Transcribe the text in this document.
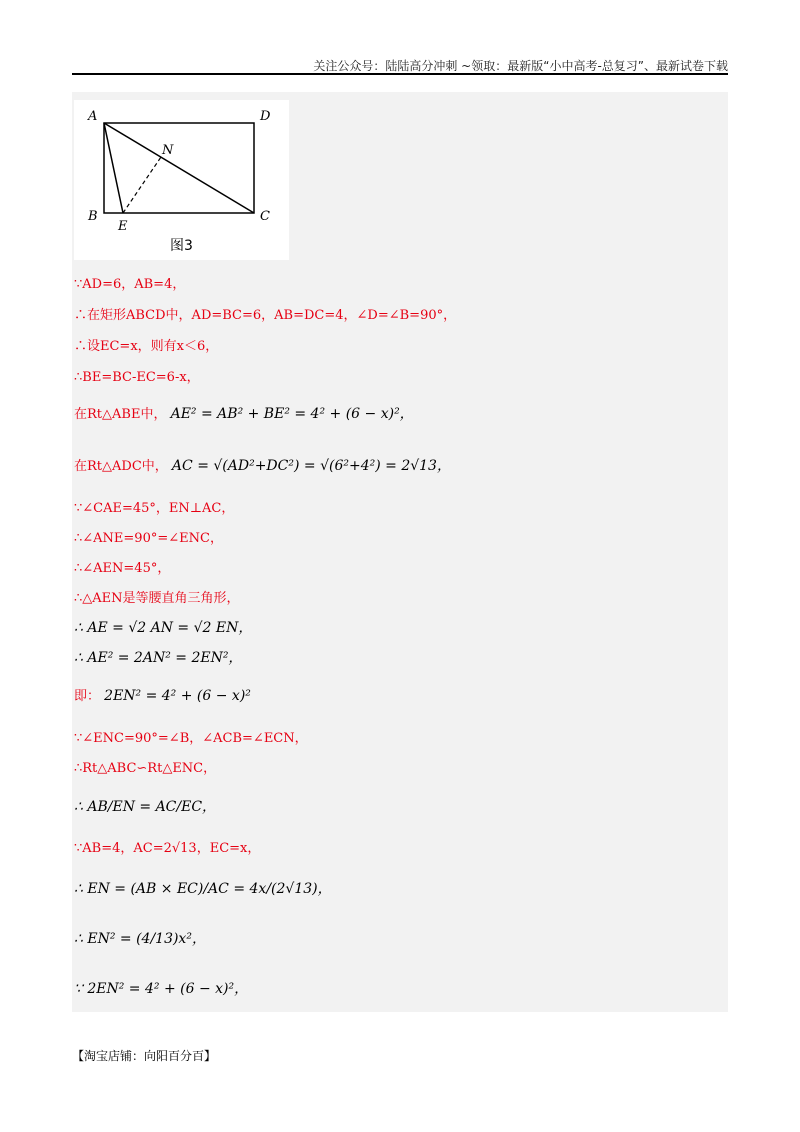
关注公众号：陆陆高分冲刺 ~领取：最新版“小中高考-总复习”、最新试卷下载
A	D
B	C
E
N
图3
∵AD=6，AB=4，
∴在矩形ABCD中，AD=BC=6，AB=DC=4，∠D=∠B=90°，
∴设EC=x，则有x＜6，
∴BE=BC-EC=6-x，
在Rt△ABE中， AE² = AB² + BE² = 4² + (6 − x)²，
在Rt△ADC中， AC = √(AD²+DC²) = √(6²+4²) = 2√13，
∵∠CAE=45°，EN⊥AC，
∴∠ANE=90°=∠ENC，
∴∠AEN=45°，
∴△AEN是等腰直角三角形，
∴ AE = √2 AN = √2 EN，
∴ AE² = 2AN² = 2EN²，
即： 2EN² = 4² + (6 − x)²
∵∠ENC=90°=∠B，∠ACB=∠ECN，
∴Rt△ABC∽Rt△ENC，
∴ AB/EN = AC/EC，
∵AB=4，AC=2√13，EC=x，
∴ EN = (AB × EC)/AC = 4x/(2√13)，
∴ EN² = (4/13)x²，
∵ 2EN² = 4² + (6 − x)²，
【淘宝店铺：向阳百分百】
